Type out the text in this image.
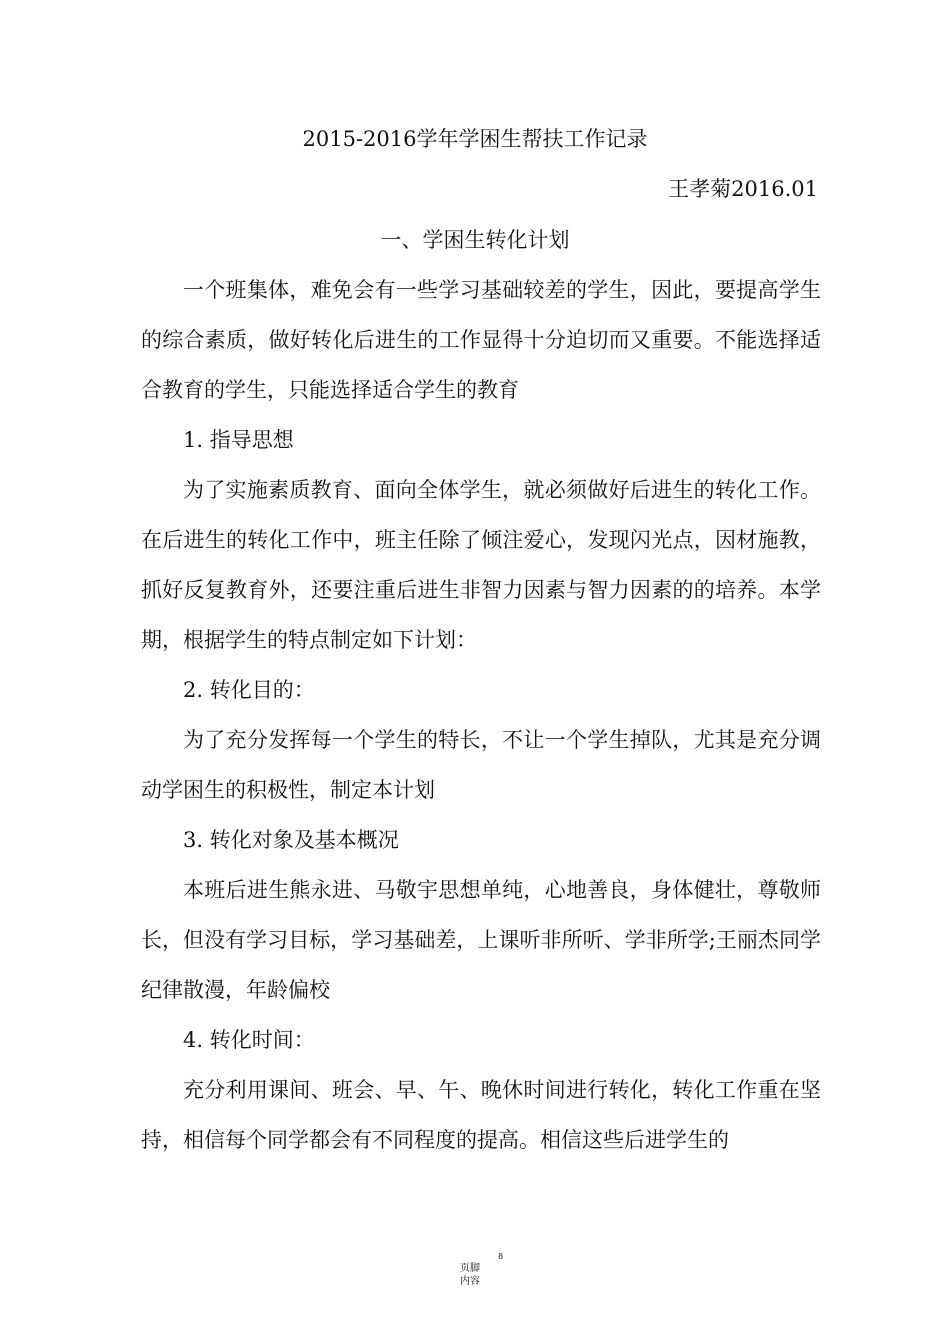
2015-2016学年学困生帮扶工作记录
王孝菊2016.01
一、学困生转化计划

一个班集体，难免会有一些学习基础较差的学生，因此，要提高学生的综合素质，做好转化后进生的工作显得十分迫切而又重要。不能选择适合教育的学生，只能选择适合学生的教育

1. 指导思想

为了实施素质教育、面向全体学生，就必须做好后进生的转化工作。在后进生的转化工作中，班主任除了倾注爱心，发现闪光点，因材施教，抓好反复教育外，还要注重后进生非智力因素与智力因素的的培养。本学期，根据学生的特点制定如下计划：

2. 转化目的：

为了充分发挥每一个学生的特长，不让一个学生掉队，尤其是充分调动学困生的积极性，制定本计划

3. 转化对象及基本概况

本班后进生熊永进、马敬宇思想单纯，心地善良，身体健壮，尊敬师长，但没有学习目标，学习基础差，上课听非所听、学非所学;王丽杰同学纪律散漫，年龄偏校

4. 转化时间：

充分利用课间、班会、早、午、晚休时间进行转化，转化工作重在坚持，相信每个同学都会有不同程度的提高。相信这些后进学生的

8
页脚
内容
